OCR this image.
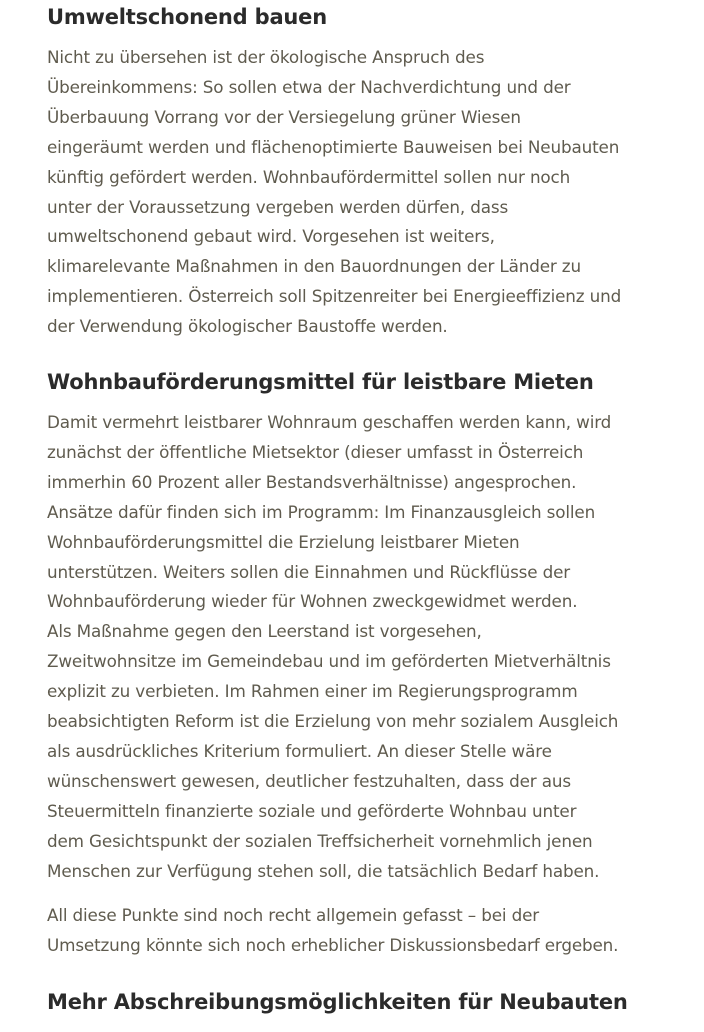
Umweltschonend bauen

Nicht zu übersehen ist der ökologische Anspruch des
Übereinkommens: So sollen etwa der Nachverdichtung und der
Überbauung Vorrang vor der Versiegelung grüner Wiesen
eingeräumt werden und flächenoptimierte Bauweisen bei Neubauten
künftig gefördert werden. Wohnbaufördermittel sollen nur noch
unter der Voraussetzung vergeben werden dürfen, dass
umweltschonend gebaut wird. Vorgesehen ist weiters,
klimarelevante Maßnahmen in den Bauordnungen der Länder zu
implementieren. Österreich soll Spitzenreiter bei Energieeffizienz und
der Verwendung ökologischer Baustoffe werden.

Wohnbauförderungsmittel für leistbare Mieten

Damit vermehrt leistbarer Wohnraum geschaffen werden kann, wird
zunächst der öffentliche Mietsektor (dieser umfasst in Österreich
immerhin 60 Prozent aller Bestandsverhältnisse) angesprochen.
Ansätze dafür finden sich im Programm: Im Finanzausgleich sollen
Wohnbauförderungsmittel die Erzielung leistbarer Mieten
unterstützen. Weiters sollen die Einnahmen und Rückflüsse der
Wohnbauförderung wieder für Wohnen zweckgewidmet werden.
Als Maßnahme gegen den Leerstand ist vorgesehen,
Zweitwohnsitze im Gemeindebau und im geförderten Mietverhältnis
explizit zu verbieten. Im Rahmen einer im Regierungsprogramm
beabsichtigten Reform ist die Erzielung von mehr sozialem Ausgleich
als ausdrückliches Kriterium formuliert. An dieser Stelle wäre
wünschenswert gewesen, deutlicher festzuhalten, dass der aus
Steuermitteln finanzierte soziale und geförderte Wohnbau unter
dem Gesichtspunkt der sozialen Treffsicherheit vornehmlich jenen
Menschen zur Verfügung stehen soll, die tatsächlich Bedarf haben.

All diese Punkte sind noch recht allgemein gefasst – bei der
Umsetzung könnte sich noch erheblicher Diskussionsbedarf ergeben.

Mehr Abschreibungsmöglichkeiten für Neubauten
